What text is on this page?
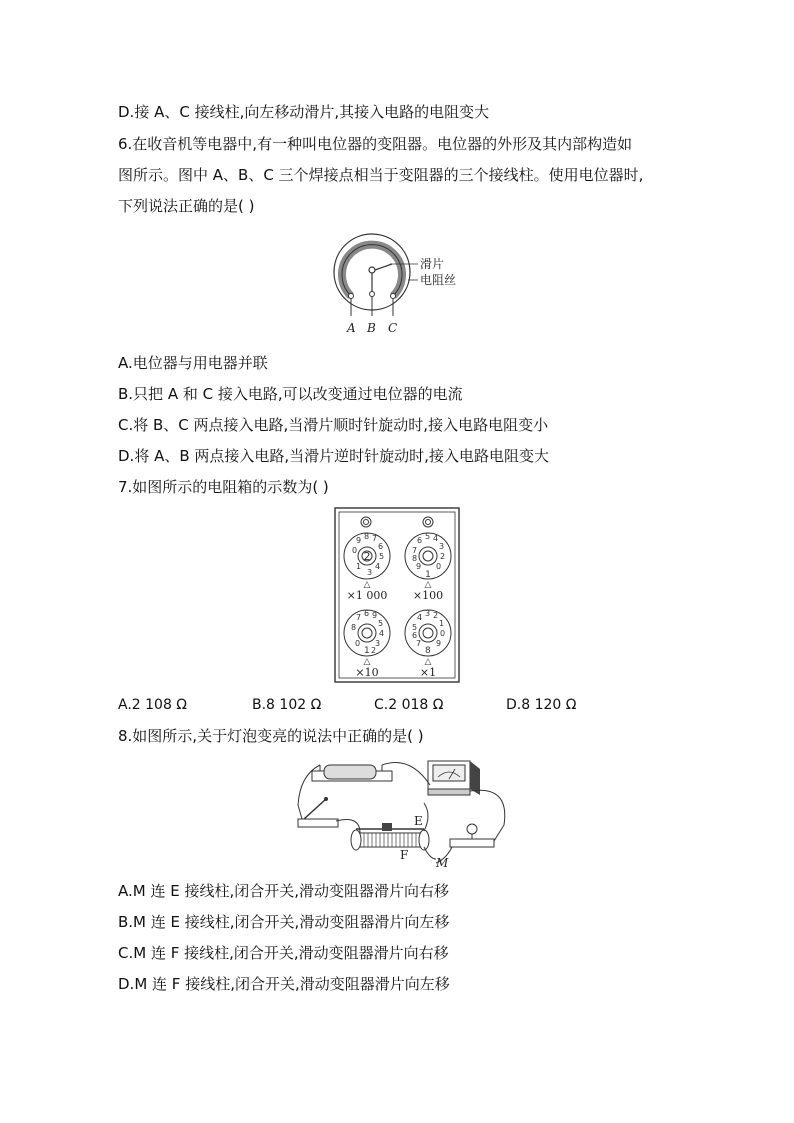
D.接 A、C 接线柱,向左移动滑片,其接入电路的电阻变大
6.在收音机等电器中,有一种叫电位器的变阻器。电位器的外形及其内部构造如
图所示。图中 A、B、C 三个焊接点相当于变阻器的三个接线柱。使用电位器时,
下列说法正确的是( )
滑片
电阻丝
A B C
A.电位器与用电器并联
B.只把 A 和 C 接入电路,可以改变通过电位器的电流
C.将 B、C 两点接入电路,当滑片顺时针旋动时,接入电路电阻变小
D.将 A、B 两点接入电路,当滑片逆时针旋动时,接入电路电阻变大
7.如图所示的电阻箱的示数为( )
2
0
9 8 7
6
5
4
3
1
△
×1 000
1
7
6 5 4
3
2
0
9
8
△
×100
1
8
7 6 9
5
4
3
0
2
△
×10
8
5
4 3 2
1
0
9
7
6
△
×1
A.2 108 Ω	B.8 102 Ω	C.2 018 Ω	D.8 120 Ω
8.如图所示,关于灯泡变亮的说法中正确的是( )
E
F
M
A.M 连 E 接线柱,闭合开关,滑动变阻器滑片向右移
B.M 连 E 接线柱,闭合开关,滑动变阻器滑片向左移
C.M 连 F 接线柱,闭合开关,滑动变阻器滑片向右移
D.M 连 F 接线柱,闭合开关,滑动变阻器滑片向左移
